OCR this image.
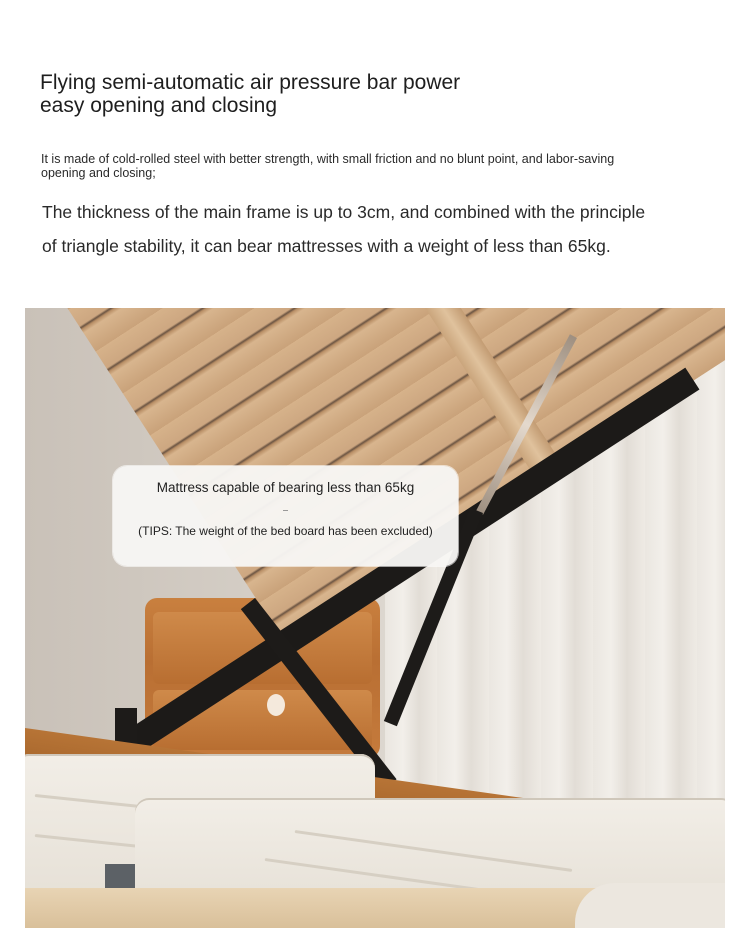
Flying semi-automatic air pressure bar power
easy opening and closing

It is made of cold-rolled steel with better strength, with small friction and no blunt point, and labor-saving opening and closing;

The thickness of the main frame is up to 3cm, and combined with the principle
of triangle stability, it can bear mattresses with a weight of less than 65kg.

Mattress capable of bearing less than 65kg
(TIPS: The weight of the bed board has been excluded)
